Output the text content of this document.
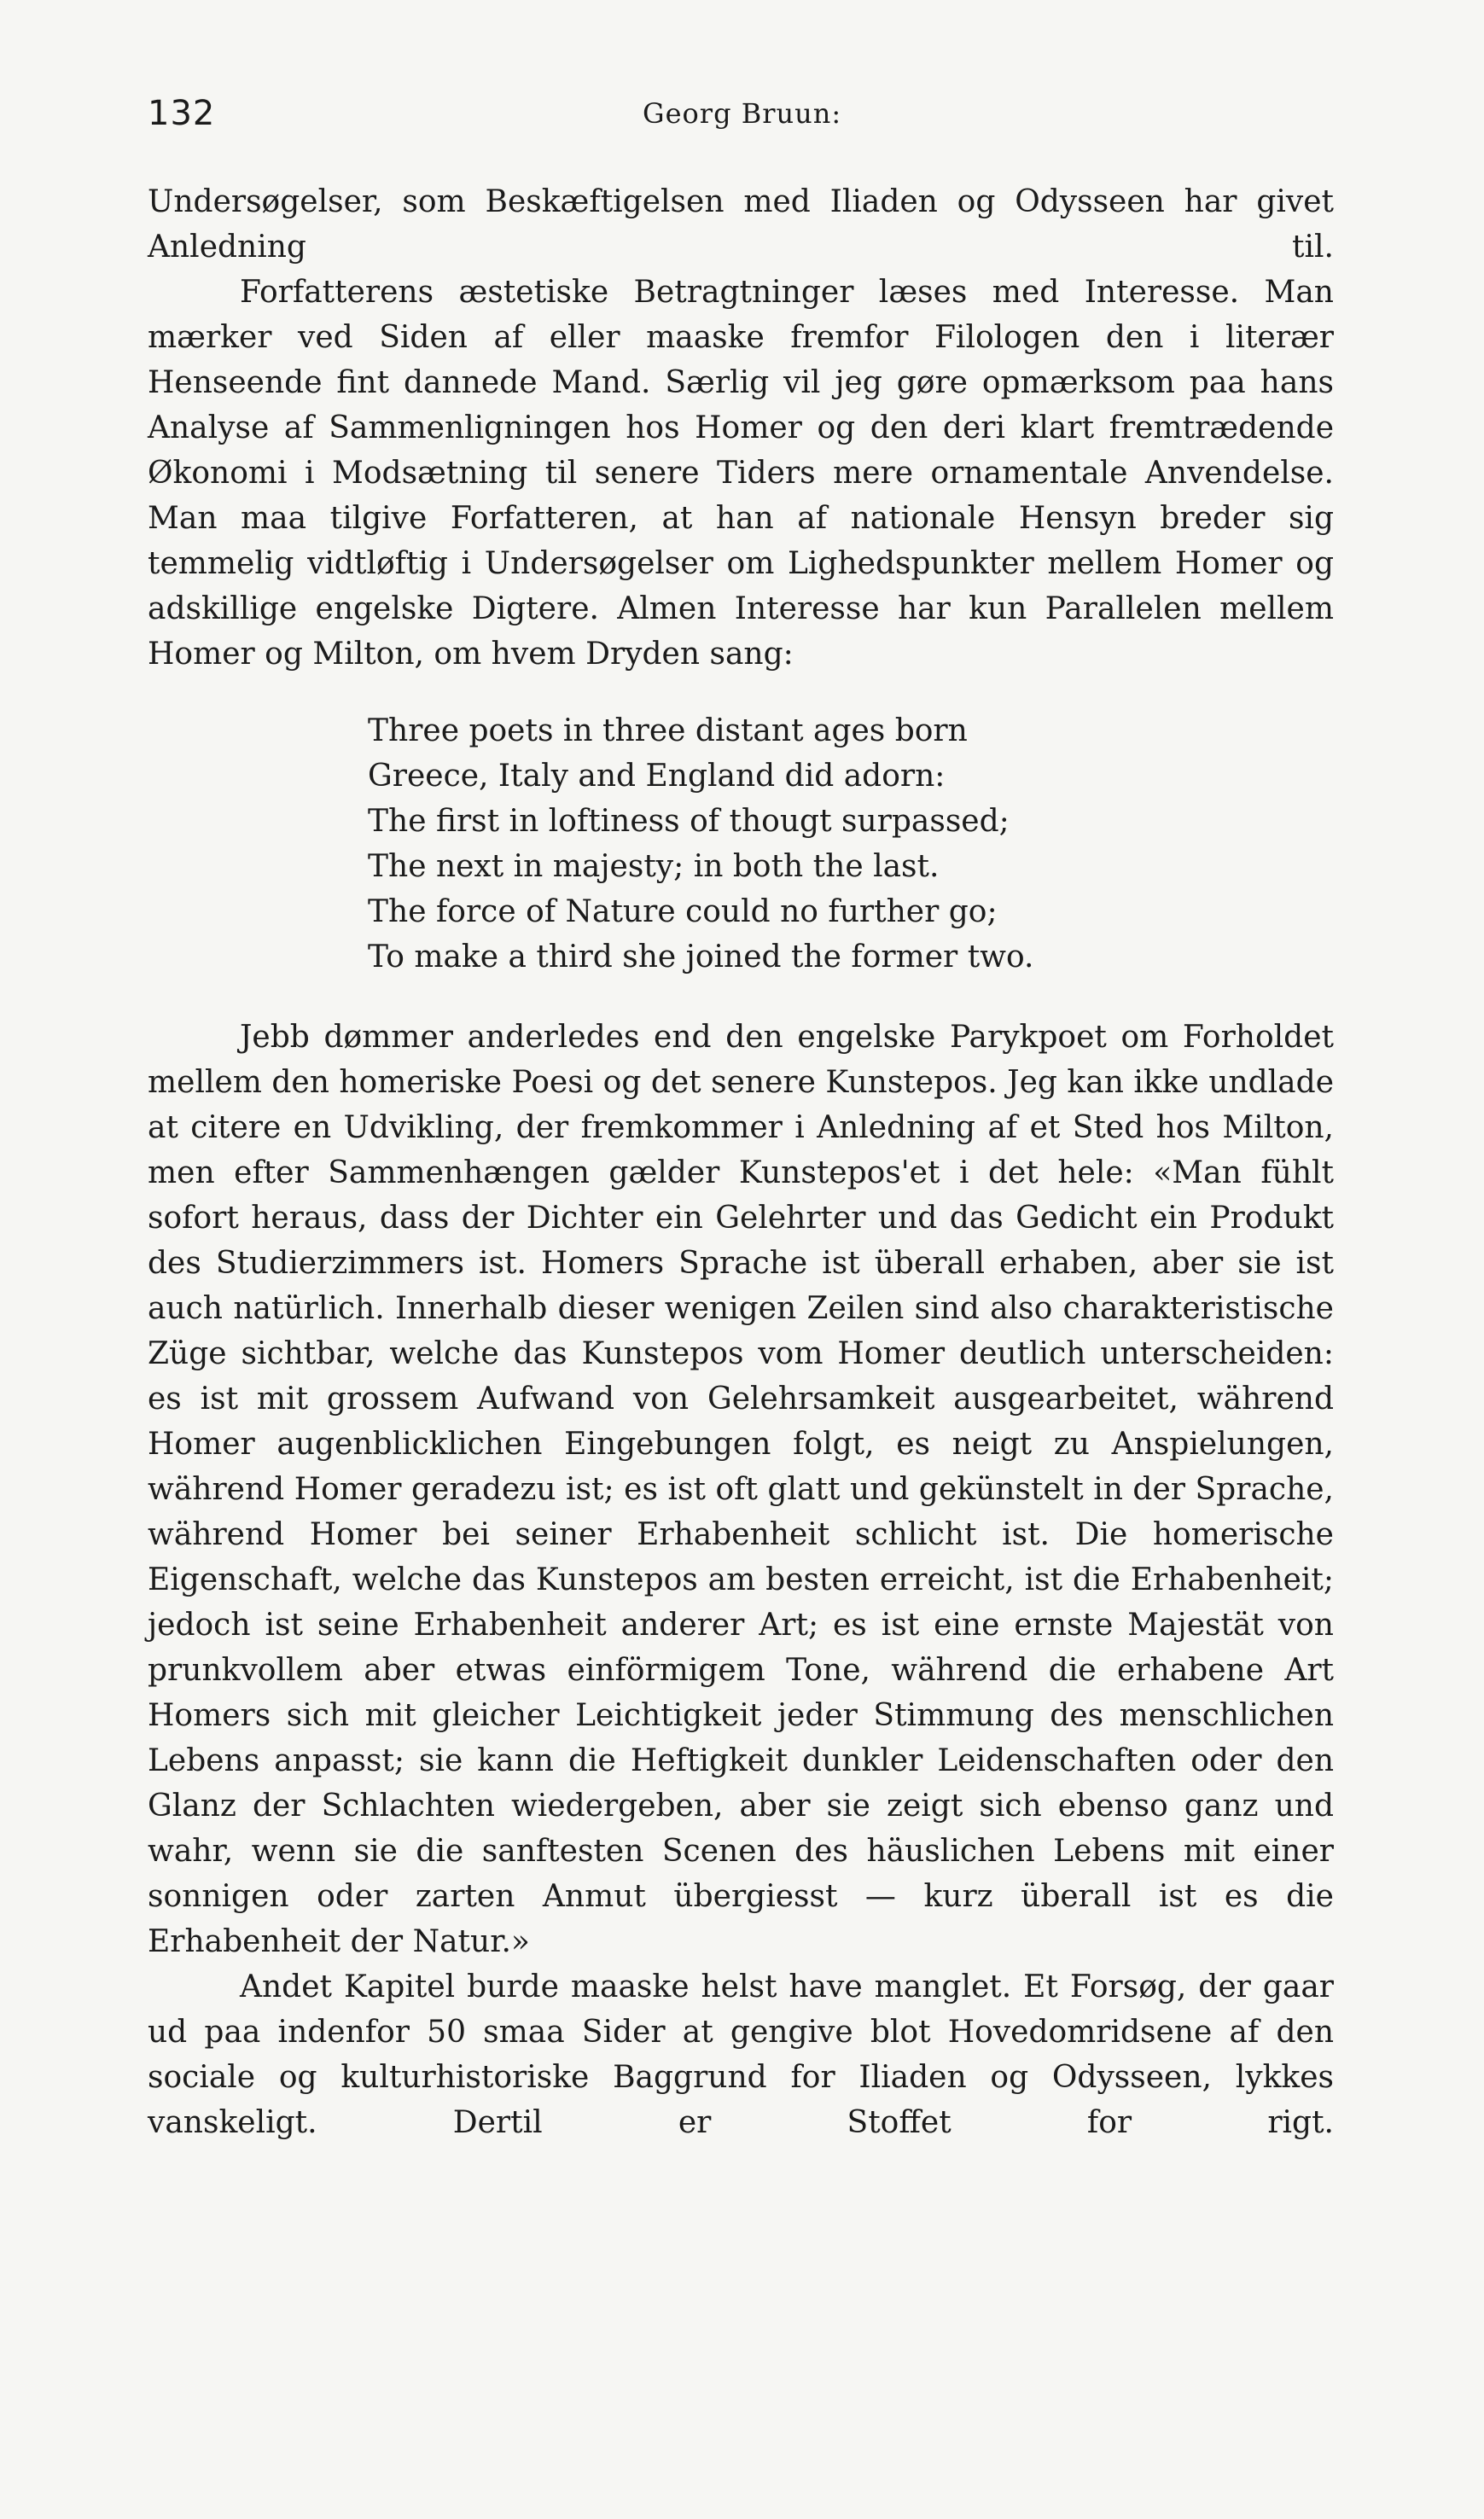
132	Georg Bruun:

Undersøgelser, som Beskæftigelsen med Iliaden og Odysseen har givet Anledning til.

Forfatterens æstetiske Betragtninger læses med Interesse. Man mærker ved Siden af eller maaske fremfor Filologen den i literær Henseende fint dannede Mand. Særlig vil jeg gøre opmærksom paa hans Analyse af Sammenligningen hos Homer og den deri klart fremtrædende Økonomi i Modsætning til senere Tiders mere ornamentale Anvendelse. Man maa tilgive Forfatteren, at han af nationale Hensyn breder sig temmelig vidtløftig i Undersøgelser om Lighedspunkter mellem Homer og adskillige engelske Digtere. Almen Interesse har kun Parallelen mellem Homer og Milton, om hvem Dryden sang:

Three poets in three distant ages born
Greece, Italy and England did adorn:
The first in loftiness of thougt surpassed;
The next in majesty; in both the last.
The force of Nature could no further go;
To make a third she joined the former two.

Jebb dømmer anderledes end den engelske Parykpoet om Forholdet mellem den homeriske Poesi og det senere Kunstepos. Jeg kan ikke undlade at citere en Udvikling, der fremkommer i Anledning af et Sted hos Milton, men efter Sammenhængen gælder Kunstepos'et i det hele: «Man fühlt sofort heraus, dass der Dichter ein Gelehrter und das Gedicht ein Produkt des Studierzimmers ist. Homers Sprache ist überall erhaben, aber sie ist auch natürlich. Innerhalb dieser wenigen Zeilen sind also charakteristische Züge sichtbar, welche das Kunstepos vom Homer deutlich unterscheiden: es ist mit grossem Aufwand von Gelehrsamkeit ausgearbeitet, während Homer augenblicklichen Eingebungen folgt, es neigt zu Anspielungen, während Homer geradezu ist; es ist oft glatt und gekünstelt in der Sprache, während Homer bei seiner Erhabenheit schlicht ist. Die homerische Eigenschaft, welche das Kunstepos am besten erreicht, ist die Erhabenheit; jedoch ist seine Erhabenheit anderer Art; es ist eine ernste Majestät von prunkvollem aber etwas einförmigem Tone, während die erhabene Art Homers sich mit gleicher Leichtigkeit jeder Stimmung des menschlichen Lebens anpasst; sie kann die Heftigkeit dunkler Leidenschaften oder den Glanz der Schlachten wiedergeben, aber sie zeigt sich ebenso ganz und wahr, wenn sie die sanftesten Scenen des häuslichen Lebens mit einer sonnigen oder zarten Anmut übergiesst — kurz überall ist es die Erhabenheit der Natur.»

Andet Kapitel burde maaske helst have manglet. Et Forsøg, der gaar ud paa indenfor 50 smaa Sider at gengive blot Hovedomridsene af den sociale og kulturhistoriske Baggrund for Iliaden og Odysseen, lykkes vanskeligt. Dertil er Stoffet for rigt.
